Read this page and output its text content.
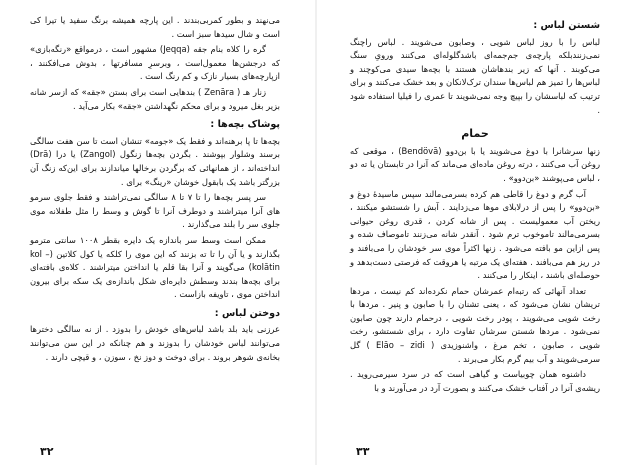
می‌نهند و بطور کمربی‌بندند . این پارچه همیشه برنگ سفید یا تیرا کی است و شال سیدها سبز است .

گره را کلاه بنام جقه (Jeqqa) مشهور است ، درمواقع «رنگه‌بازی» که درجشن‌ها معمول‌است ، وبرسرِ مسافرتها ، بدوش می‌افکنند ، ازپارچه‌های بسیار نازک و کم رنگ است .

زنار هـ ( Zenāra ) بند‌هایی است برای بستن «جقه» که ازسر شانه بزیر بغل میرود و برای محکم نگهداشتن «جقه» بکار می‌آید .

پوشاک بچه‌ها :

بچه‌ها تا پا برهنه‌اند و فقط یک «جومه» تنشان است تا سن هفت سالگی برسند وشلوار بپوشند . بگردن بچه‌ها زنگول (Zangol) یا درا (Drā) انداخته‌اند ، از همانهائی که برگردن برخالها‌ میاندازند برای این‌که زنگ آن بزرگتر باشد یک بابقول خوشان «رینگ» برای .

سر پسر بچه‌ها را تا ۷ تا ۸ سالگی نمی‌تراشند و فقط جلوی سرمو های آنرا میتراشند و دوطرف آنرا تا گوش و وسط را مثل طفلانه موی جلوی سر را بلند می‌گذارند .

ممکن است وسط سر باندازه یک دایره بقطر ۱۰۰۸ سانتی مترمو بگذارند و یا آن را تا ته بزنند که این موی را کلکه یا کول کلاتین (kol – kolātin) می‌گویند و آنرا بقا قلم یا انداختن میتراشند . کلاه‌ی بافته‌ای برای بچه‌ها بندند وسطش دایره‌ای شکل باندازه‌ی یک سکه برای بیرون انداختن موی ، تاویفه بازاست .

دوختن لباس :

عرزنی باید بلد باشد لباس‌های خودش را بدوزد . از نه سالگی دختر‌ها می‌توانند لباس خودشان را بدوزند و هم چنانکه در این سن می‌توانند بخانه‌ی شوهر بروند . برای دوخت و دوز نخ ، سوزن ، و قیچی دارند .

۳۲
شستن لباس :

لباس را با روز لباس شویی ، وصابون می‌شویند . لباس راچنگ نمی‌زنندبلکه‌ پارچه‌ی جم‌جمه‌ای باشد‌گلوله‌ای می‌کنند ورویِ سنگ می‌کوبند . آنها که زیر بند‌ها‌شان هستند با بچه‌ها سیدی‌ می‌کوچند و لباس‌ها را تمیز‌ هم لباس‌ها سندان ترک‌لانکان و بعد خشک می‌کنند و برای ترتیب که لباسشان را بپیچ وجه نمی‌شویند تا عمری را فیلیا استفاده شود .

حمام

زنها سرشانرا با دوغ می‌شویند یا با بن‌دوو (Bendövā) ، موقعی که روغن آب می‌کنند ، درته روغن ماده‌ای می‌ماند که آنرا در تابستان یا ته دو ، لباس می‌پوشند «بن‌دوو» .

آب گرم و دوغ را قاطی هم کرده بسرمی‌مالند سپس ماسیدهٔ دوغ و «بن‌دوو» را پس از درلابلای موها می‌زدایند . آبش را شستشو میکنند ، ریختن آب معمولیست . پس از شانه کردن ، قدری روغن حیوانی بسرمی‌مالند تاموخوب ترم شود . آنقدر شانه می‌زنند تاموصاف شده و پس ازاین مو بافته می‌شود . زنها اکثراً موی سر خودشان را می‌بافند و در ریز هم می‌بافند . هفته‌ای یک مرتبه یا هروقت که فرصتی دست‌بدهد و حوصله‌ای باشند ، اینکار را می‌کنند .

تعداد آنهائی که رتبه‌ام عمرشان حمام نکرده‌اند کم نیست ، مردها تریشان نشان می‌شود که ، یعنی تشنان را با صابون و پنیر . مردها با رخت شویی می‌شویند ، پودر رخت شویی ، درحمام دارند چون صابون نمی‌شود . مردها شستن سرشان تفاوت دارد ، برای شستشو، رخت شویی ، صابون ، تخم مرغ ، واشنوزیدی ( Elāo – zidi ) گل سرمی‌شویند و آب بیم گرم بکار می‌برند .

داشنوه همان چوبیاست و گیاهی است که در سرد سیرمی‌روید . ریشه‌ی آنرا در آفتاب خشک می‌کنند و بصورت آرد در می‌آورند و با

۳۳
